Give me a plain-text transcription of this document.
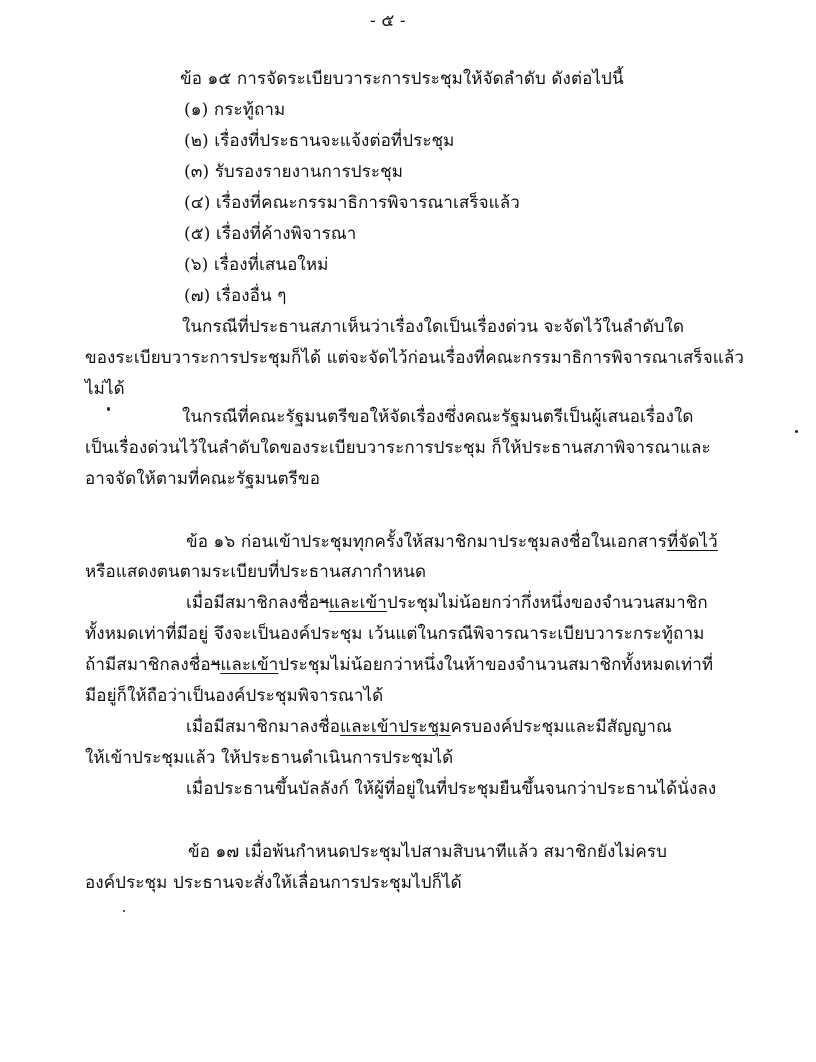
- ๕ -
ข้อ ๑๕ การจัดระเบียบวาระการประชุมให้จัดลำดับ ดังต่อไปนี้
(๑) กระทู้ถาม
(๒) เรื่องที่ประธานจะแจ้งต่อที่ประชุม
(๓) รับรองรายงานการประชุม
(๔) เรื่องที่คณะกรรมาธิการพิจารณาเสร็จแล้ว
(๕) เรื่องที่ค้างพิจารณา
(๖) เรื่องที่เสนอใหม่
(๗) เรื่องอื่น ๆ
ในกรณีที่ประธานสภาเห็นว่าเรื่องใดเป็นเรื่องด่วน จะจัดไว้ในลำดับใด
ของระเบียบวาระการประชุมก็ได้ แต่จะจัดไว้ก่อนเรื่องที่คณะกรรมาธิการพิจารณาเสร็จแล้ว
ไม่ได้
ในกรณีที่คณะรัฐมนตรีขอให้จัดเรื่องซึ่งคณะรัฐมนตรีเป็นผู้เสนอเรื่องใด
เป็นเรื่องด่วนไว้ในลำดับใดของระเบียบวาระการประชุม ก็ให้ประธานสภาพิจารณาและ
อาจจัดให้ตามที่คณะรัฐมนตรีขอ
ข้อ ๑๖ ก่อนเข้าประชุมทุกครั้งให้สมาชิกมาประชุมลงชื่อในเอกสารที่จัดไว้
หรือแสดงตนตามระเบียบที่ประธานสภากำหนด
เมื่อมีสมาชิกลงชื่อฯและเข้าประชุมไม่น้อยกว่ากึ่งหนึ่งของจำนวนสมาชิก
ทั้งหมดเท่าที่มีอยู่ จึงจะเป็นองค์ประชุม เว้นแต่ในกรณีพิจารณาระเบียบวาระกระทู้ถาม
ถ้ามีสมาชิกลงชื่อฯและเข้าประชุมไม่น้อยกว่าหนึ่งในห้าของจำนวนสมาชิกทั้งหมดเท่าที่
มีอยู่ก็ให้ถือว่าเป็นองค์ประชุมพิจารณาได้
เมื่อมีสมาชิกมาลงชื่อและเข้าประชุมครบองค์ประชุมและมีสัญญาณ
ให้เข้าประชุมแล้ว ให้ประธานดำเนินการประชุมได้
เมื่อประธานขึ้นบัลลังก์ ให้ผู้ที่อยู่ในที่ประชุมยืนขึ้นจนกว่าประธานได้นั่งลง
ข้อ ๑๗ เมื่อพ้นกำหนดประชุมไปสามสิบนาทีแล้ว สมาชิกยังไม่ครบ
องค์ประชุม ประธานจะสั่งให้เลื่อนการประชุมไปก็ได้
